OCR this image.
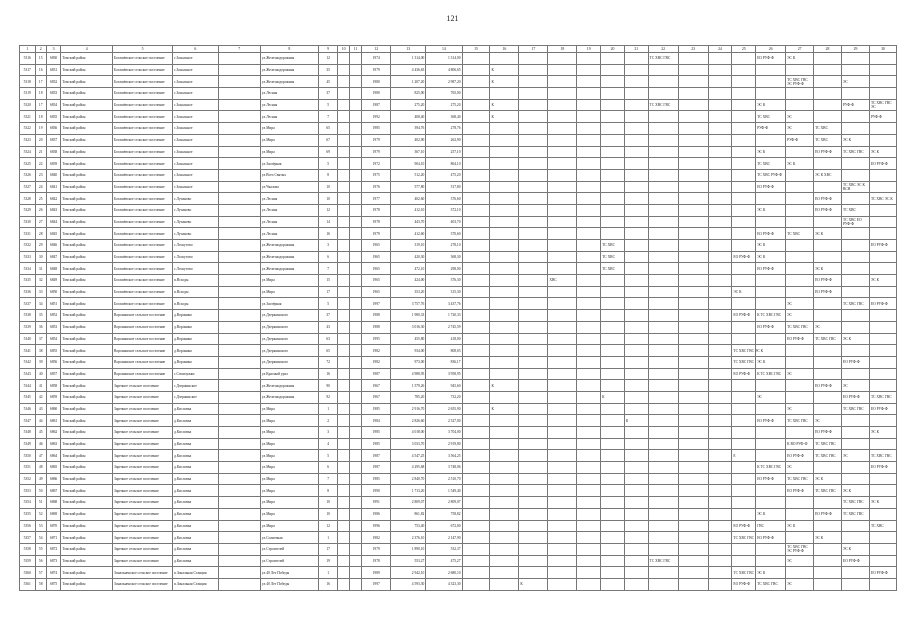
121
1	2	3	4	5	6	7	8	9	10	11	12	13	14	15	16	17	18	19	20	21	22	23	24	25	26	27	28	29	30
5316	15	6830	Томский район	Богашёвское сельское поселение	с.Зональное		ул.Железнодорожная	12			1974	1 314,00	1 314,00								ТС ХВС ГВС				ЕО РУФ-Ф	ЭС К			
5317	16	6831	Томский район	Богашёвское сельское поселение	с.Зональное		ул.Железнодорожная	35			1979	4 436,65	4 806,65		К														
5318	17	6832	Томский район	Богашёвское сельское поселение	с.Зональное		ул.Железнодорожная	45			1980	1 207,20	2 987,20		К											ТС ХВС ГВС ЭС РУФ-Ф		ЭС	
5319	18	6833	Томский район	Богашёвское сельское поселение	с.Зональное		ул.Лесная	37			1980	825,00	765,00																
5320	17	6834	Томский район	Богашёвское сельское поселение	с.Зональное		ул.Лесная	5			1987	275,20	275,20		К						ТС ХВС ГВС				ЭС К			РУФ-Ф	ТС ХВС ГВС ЭС
5321	18	6835	Томский район	Богашёвское сельское поселение	с.Зональное		ул.Лесная	7			1992	408,40	368,40		К										ТС ХВС	ЭС			РУФ-Ф
5322	19	6836	Томский район	Богашёвское сельское поселение	с.Зональное		ул.Мира	65			1985	394,76	278,76												РУФ-Ф	ЭС	ТС ХВС		
5323	20	6837	Томский район	Богашёвское сельское поселение	с.Зональное		ул.Мира	67			1979	402,90	262,90													РУФ-Ф	ТС ХВС	ЭС К	
5324	21	6838	Томский район	Богашёвское сельское поселение	с.Зональное		ул.Мира	69			1979	367,10	257,10												ЭС К		ЕО РУФ-Ф	ТС ХВС ГВС	ЭС К
5325	22	6839	Томский район	Богашёвское сельское поселение	с.Зональное		ул.Заозёрная	5			1972	904,10	864,10												ТС ХВС	ЭС К			ЕО РУФ-Ф
5326	23	6840	Томский район	Богашёвское сельское поселение	с.Зональное		ул.Всех Святых	8			1975	512,20	475,20												ТС ХВС РУФ-Ф		ЭС К ХВС		
5327	24	6841	Томский район	Богашёвское сельское поселение	с.Зональное		ул.Чкалова	10			1976	577,80	517,80												ЕО РУФ-Ф			ТС ХВС ЭС К ВСН	
5328	25	6842	Томский район	Богашёвское сельское поселение	с.Лучаново		ул.Лесная	10			1977	402,60	376,60														ЕО РУФ-Ф		ТС ХВС ЭС К
5329	26	6843	Томский район	Богашёвское сельское поселение	с.Лучаново		ул.Лесная	12			1978	412,10	372,10												ЭС К		ЕО РУФ-Ф	ТС ХВС	
5330	27	6844	Томский район	Богашёвское сельское поселение	с.Лучаново		ул.Лесная	14			1978	443,70	403,70															ТС ХВС ЕО РУФ-Ф	
5331	28	6845	Томский район	Богашёвское сельское поселение	с.Лучаново		ул.Лесная	16			1979	412,60	370,60												ЕО РУФ-Ф	ТС ХВС	ЭС К		
5332	29	6846	Томский район	Богашёвское сельское поселение	с.Лоскутово		ул.Железнодорожная	3			1965	319,10	278,10						ТС ХВС						ЭС К				ЕО РУФ-Ф
5333	30	6847	Томский район	Богашёвское сельское поселение	с.Лоскутово		ул.Железнодорожная	6			1965	420,30	368,30						ТС ХВС					ЕО РУФ-Ф	ЭС К				
5334	31	6848	Томский район	Богашёвское сельское поселение	с.Лоскутово		ул.Железнодорожная	7			1965	472,10	298,00						ТС ХВС						ЕО РУФ-Ф		ЭС К		
5335	32	6849	Томский район	Богашёвское сельское поселение	п.Всходы		ул.Мира	15			1965	424,00	376,30				ХВС										ЕО РУФ-Ф		ЭС К
5336	33	6850	Томский район	Богашёвское сельское поселение	п.Всходы		ул.Мира	17			1965	353,20	315,30											ЭС К			ЕО РУФ-Ф		
5337	34	6851	Томский район	Богашёвское сельское поселение	п.Всходы		ул.Заозёрная	5			1997	3 757,76	3 437,76													ЭС		ТС ХВС ГВС	ЕО РУФ-Ф
5338	35	6852	Томский район	Воронинское сельское поселение	д.Воронино		ул.Дзержинского	37			1988	1 980,33	1 720,33											ЕО РУФ-Ф	К ТС ХВС ГВС	ЭС			
5339	36	6853	Томский район	Воронинское сельское поселение	д.Воронино		ул.Дзержинского	43			1988	3 016,30	2 745,59												ЕО РУФ-Ф	ТС ХВС ГВС	ЭС		
5340	37	6854	Томский район	Воронинское сельское поселение	д.Воронино		ул.Дзержинского	63			1995	455,80	418,00													ЕО РУФ-Ф	ТС ХВС ГВС	ЭС К	
5341	38	6855	Томский район	Воронинское сельское поселение	д.Воронино		ул.Дзержинского	65			1982	934,00	808,03											ТС ХВС ГВС ЭС К					
5342	39	6856	Томский район	Воронинское сельское поселение	д.Воронино		ул.Дзержинского	72			1982	973,00	836,17											ТС ХВС ГВС	ЭС К			ЕО РУФ-Ф	
5343	40	6857	Томский район	Воронинское сельское поселение	с.Семилужки		ул.Красный урал	16			1987	4 988,95	3 958,95											ЕО РУФ-Ф	К ТС ХВС ГВС	ЭС			
5344	41	6858	Томский район	Заречное сельское поселение	с.Дзержинское		ул.Железнодорожная	90			1967	1 579,26	945,60		К												ЕО РУФ-Ф	ЭС	
5345	42	6859	Томский район	Заречное сельское поселение	с.Дзержинское		ул.Железнодорожная	92			1967	785,20	732,20						К						ЭС			ЕО РУФ-Ф	ТС ХВС ГВС
5346	43	6860	Томский район	Заречное сельское поселение	д.Кисловка		ул.Мира	1			1985	2 916,70	2 655,90		К											ЭС		ТС ХВС ГВС	ЕО РУФ-Ф
5347	44	6861	Томский район	Заречное сельское поселение	д.Кисловка		ул.Мира	2			1984	2 826,60	2 527,00							К					ЕО РУФ-Ф	ТС ХВС ГВС	ЭС		
5348	45	6862	Томский район	Заречное сельское поселение	д.Кисловка		ул.Мира	3			1985	4 018,00	3 704,00														ЕО РУФ-Ф		ЭС К
5349	46	6863	Томский район	Заречное сельское поселение	д.Кисловка		ул.Мира	4			1985	3 033,70	2 919,80													К ВО РУФ-Ф	ТС ХВС ГВС		
5350	47	6864	Томский район	Заречное сельское поселение	д.Кисловка		ул.Мира	5			1987	4 547,25	3 564,25											Е		ЕО РУФ-Ф	ТС ХВС ГВС	ЭС	ТС ХВС ГВС
5351	48	6865	Томский район	Заречное сельское поселение	д.Кисловка		ул.Мира	6			1987	4 295,68	3 748,06												К ТС ХВС ГВС	ЭС			ЕО РУФ-Ф
5352	49	6866	Томский район	Заречное сельское поселение	д.Кисловка		ул.Мира	7			1985	2 840,70	2 510,70												ЕО РУФ-Ф	ТС ХВС ГВС	ЭС К		
5353	50	6867	Томский район	Заречное сельское поселение	д.Кисловка		ул.Мира	8			1990	1 713,20	1 549,40													ЕО РУФ-Ф	ТС ХВС ГВС	ЭС К	
5354	51	6868	Томский район	Заречное сельское поселение	д.Кисловка		ул.Мира	10			1991	2 809,07	2 809,07															ТС ХВС ГВС	ЭС К
5355	52	6869	Томский район	Заречное сельское поселение	д.Кисловка		ул.Мира	10			1986	861,82	758,82												ЭС К		ЕО РУФ-Ф	ТС ХВС ГВС	
5356	53	6870	Томский район	Заречное сельское поселение	д.Кисловка		ул.Мира	12			1996	753,40	672,00											ЕО РУФ-Ф	ГВС	ЭС К			ТС ХВС
5357	54	6871	Томский район	Заречное сельское поселение	д.Кисловка		ул.Солнечная	1			1982	2 376,10	2 147,90											ТС ХВС ГВС	ЕО РУФ-Ф		ЭС К		
5358	55	6872	Томский район	Заречное сельское поселение	д.Кисловка		ул.Строителей	17			1979	1 890,10	532,37													ТС ХВС ГВС ЭС РУФ-Ф		ЭС К	
5359	56	6873	Томский район	Заречное сельское поселение	д.Кисловка		ул.Строителей	19			1978	553,27	475,27								ТС ХВС ГВС					ЭС		ЕО РУФ-Ф	
5360	57	6874	Томский район	Зональненское сельское поселение	п.Зональная Станция		ул.40 Лет Победы	1			1989	2 942,10	2 680,10											ТС ХВС ГВС	ЭС К				ЕО РУФ-Ф
5361	58	6875	Томский район	Зональненское сельское поселение	п.Зональная Станция		ул.40 Лет Победы	16			1997	4 593,30	4 323,30			К								ЕО РУФ-Ф	ТС ХВС ГВС	ЭС			
